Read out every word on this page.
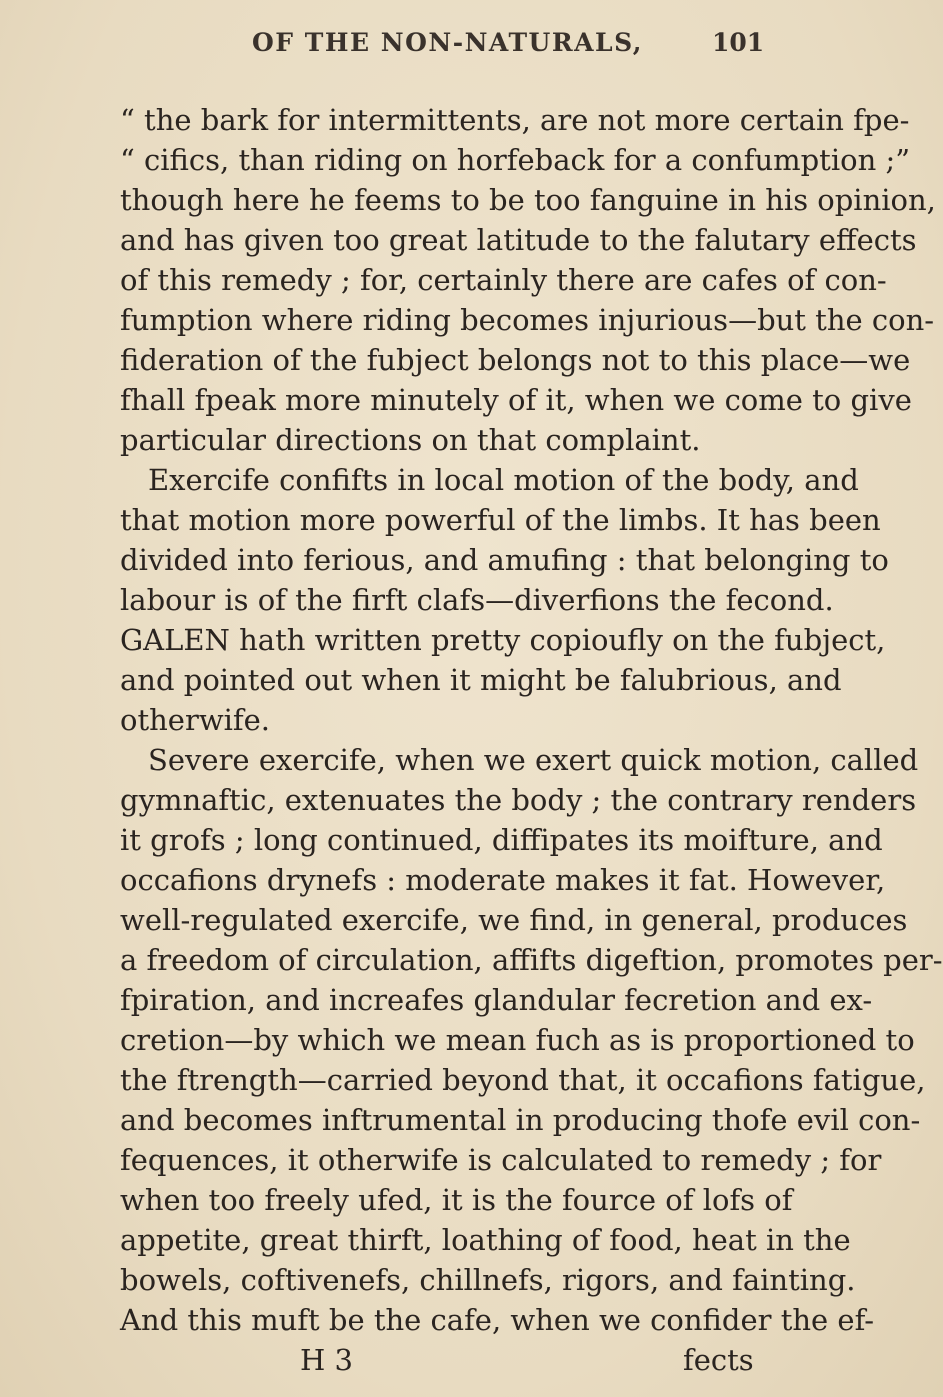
OF THE NON-NATURALS,	101
“ the bark for intermittents, are not more certain fpe-
“ cifics, than riding on horfeback for a confumption ;”
though here he feems to be too fanguine in his opinion,
and has given too great latitude to the falutary effects
of this remedy ; for, certainly there are cafes of con-
fumption where riding becomes injurious—but the con-
fideration of the fubject belongs not to this place—we
fhall fpeak more minutely of it, when we come to give
particular directions on that complaint.
Exercife confifts in local motion of the body, and
that motion more powerful of the limbs. It has been
divided into ferious, and amufing : that belonging to
labour is of the firft clafs—diverfions the fecond.
GALEN hath written pretty copioufly on the fubject,
and pointed out when it might be falubrious, and
otherwife.
Severe exercife, when we exert quick motion, called
gymnaftic, extenuates the body ; the contrary renders
it grofs ; long continued, diffipates its moifture, and
occafions drynefs : moderate makes it fat. However,
well-regulated exercife, we find, in general, produces
a freedom of circulation, affifts digeftion, promotes per-
fpiration, and increafes glandular fecretion and ex-
cretion—by which we mean fuch as is proportioned to
the ftrength—carried beyond that, it occafions fatigue,
and becomes inftrumental in producing thofe evil con-
fequences, it otherwife is calculated to remedy ; for
when too freely ufed, it is the fource of lofs of
appetite, great thirft, loathing of food, heat in the
bowels, coftivenefs, chillnefs, rigors, and fainting.
And this muft be the cafe, when we confider the ef-
H 3	fects
